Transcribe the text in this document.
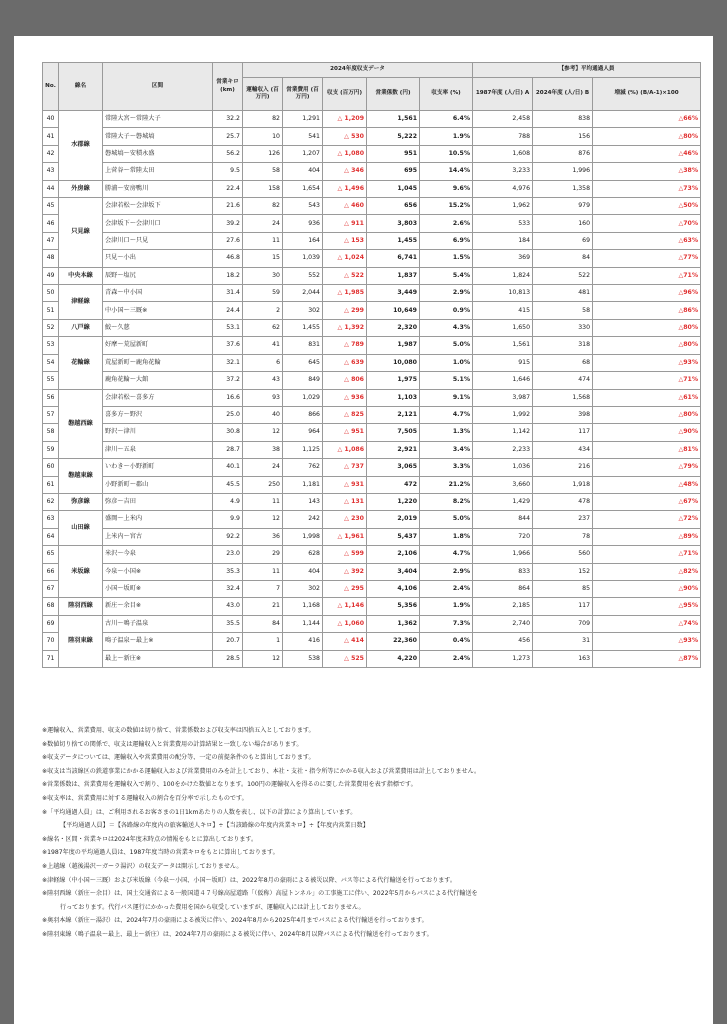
No.	線名	区間	営業キロ (km)	2024年度収支データ					【参考】平均通過人員		
				運輸収入 (百万円)	営業費用 (百万円)	収支 (百万円)	営業係数 (円)	収支率 (%)	1987年度 (人/日) A	2024年度 (人/日) B	増減 (%) (B/A-1)×100
40	水郡線	常陸大宮～常陸大子	32.2	82	1,291	△ 1,209	1,561	6.4%	2,458	838	△66%
41		常陸大子～磐城塙	25.7	10	541	△ 530	5,222	1.9%	788	156	△80%
42		磐城塙～安積永盛	56.2	126	1,207	△ 1,080	951	10.5%	1,608	876	△46%
43		上菅谷～常陸太田	9.5	58	404	△ 346	695	14.4%	3,233	1,996	△38%
44	外房線	勝浦～安房鴨川	22.4	158	1,654	△ 1,496	1,045	9.6%	4,976	1,358	△73%
45	只見線	会津若松～会津坂下	21.6	82	543	△ 460	656	15.2%	1,962	979	△50%
46		会津坂下～会津川口	39.2	24	936	△ 911	3,803	2.6%	533	160	△70%
47		会津川口～只見	27.6	11	164	△ 153	1,455	6.9%	184	69	△63%
48		只見～小出	46.8	15	1,039	△ 1,024	6,741	1.5%	369	84	△77%
49	中央本線	辰野～塩尻	18.2	30	552	△ 522	1,837	5.4%	1,824	522	△71%
50	津軽線	青森～中小国	31.4	59	2,044	△ 1,985	3,449	2.9%	10,813	481	△96%
51		中小国～三厩※	24.4	2	302	△ 299	10,649	0.9%	415	58	△86%
52	八戸線	鮫～久慈	53.1	62	1,455	△ 1,392	2,320	4.3%	1,650	330	△80%
53	花輪線	好摩～荒屋新町	37.6	41	831	△ 789	1,987	5.0%	1,561	318	△80%
54		荒屋新町～鹿角花輪	32.1	6	645	△ 639	10,080	1.0%	915	68	△93%
55		鹿角花輪～大館	37.2	43	849	△ 806	1,975	5.1%	1,646	474	△71%
56	磐越西線	会津若松～喜多方	16.6	93	1,029	△ 936	1,103	9.1%	3,987	1,568	△61%
57		喜多方～野沢	25.0	40	866	△ 825	2,121	4.7%	1,992	398	△80%
58		野沢～津川	30.8	12	964	△ 951	7,505	1.3%	1,142	117	△90%
59		津川～五泉	28.7	38	1,125	△ 1,086	2,921	3.4%	2,233	434	△81%
60	磐越東線	いわき～小野新町	40.1	24	762	△ 737	3,065	3.3%	1,036	216	△79%
61		小野新町～郡山	45.5	250	1,181	△ 931	472	21.2%	3,660	1,918	△48%
62	弥彦線	弥彦～吉田	4.9	11	143	△ 131	1,220	8.2%	1,429	478	△67%
63	山田線	盛岡～上米内	9.9	12	242	△ 230	2,019	5.0%	844	237	△72%
64		上米内～宮古	92.2	36	1,998	△ 1,961	5,437	1.8%	720	78	△89%
65	米坂線	米沢～今泉	23.0	29	628	△ 599	2,106	4.7%	1,966	560	△71%
66		今泉～小国※	35.3	11	404	△ 392	3,404	2.9%	833	152	△82%
67		小国～坂町※	32.4	7	302	△ 295	4,106	2.4%	864	85	△90%
68	陸羽西線	新庄～余目※	43.0	21	1,168	△ 1,146	5,356	1.9%	2,185	117	△95%
69	陸羽東線	古川～鳴子温泉	35.5	84	1,144	△ 1,060	1,362	7.3%	2,740	709	△74%
70		鳴子温泉～最上※	20.7	1	416	△ 414	22,360	0.4%	456	31	△93%
71		最上～新庄※	28.5	12	538	△ 525	4,220	2.4%	1,273	163	△87%
※運輸収入、営業費用、収支の数値は切り捨て、営業係数および収支率は四捨五入としております。
※数値切り捨ての関係で、収支は運輸収入と営業費用の計算結果と一致しない場合があります。
※収支データについては、運輸収入や営業費用の配分等、一定の前提条件のもと算出しております。
※収支は当該線区の鉄道事業にかかる運輸収入および営業費用のみを計上しており、本社・支社・指令所等にかかる収入および営業費用は計上しておりません。
※営業係数は、営業費用を運輸収入で割り、100をかけた数値となります。100円の運輸収入を得るのに要した営業費用を表す指標です。
※収支率は、営業費用に対する運輸収入の割合を百分率で示したものです。
※「平均通過人員」は、ご利用されるお客さまの1日1kmあたりの人数を表し、以下の計算により算出しています。
【平均通過人員】＝【各路線の年度内の旅客輸送人キロ】÷【当該路線の年度内営業キロ】÷【年度内営業日数】
※線名・区間・営業キロは2024年度末時点の情報をもとに算出しております。
※1987年度の平均通過人員は、1987年度当時の営業キロをもとに算出しております。
※上越線（越後湯沢～ガーラ湯沢）の収支データは開示しておりません。
※津軽線（中小国～三厩）および米坂線（今泉～小国、小国～坂町）は、2022年8月の豪雨による被災以降、バス等による代行輸送を行っております。
※陸羽西線（新庄～余目）は、国土交通省による一般国道４７号線高屋道路「（仮称）高屋トンネル」の工事施工に伴い、2022年5月からバスによる代行輸送を
行っております。代行バス運行にかかった費用を国から収受していますが、運輸収入には計上しておりません。
※奥羽本線（新庄～湯沢）は、2024年7月の豪雨による被災に伴い、2024年8月から2025年4月までバスによる代行輸送を行っております。
※陸羽東線（鳴子温泉～最上、最上～新庄）は、2024年7月の豪雨による被災に伴い、2024年8月以降バスによる代行輸送を行っております。
